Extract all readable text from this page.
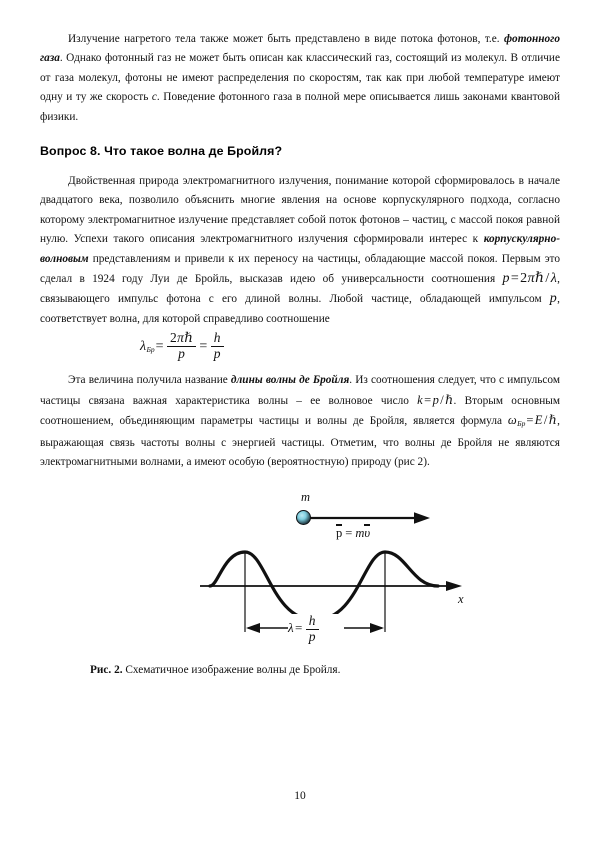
Излучение нагретого тела также может быть представлено в виде потока фотонов, т.е. фотонного газа. Однако фотонный газ не может быть описан как классический газ, состоящий из молекул. В отличие от газа молекул, фотоны не имеют распределения по скоростям, так как при любой температуре имеют одну и ту же скорость c. Поведение фотонного газа в полной мере описывается лишь законами квантовой физики.

Вопрос 8. Что такое волна де Бройля?

Двойственная природа электромагнитного излучения, понимание которой сформировалось в начале двадцатого века, позволило объяснить многие явления на основе корпускулярного подхода, согласно которому электромагнитное излучение представляет собой поток фотонов – частиц, с массой покоя равной нулю. Успехи такого описания электромагнитного излучения сформировали интерес к корпускулярно-волновым представлениям и привели к их переносу на частицы, обладающие массой покоя. Первым это сделал в 1924 году Луи де Бройль, высказав идею об универсальности соотношения p=2πℏ/λ, связывающего импульс фотона с его длиной волны. Любой частице, обладающей импульсом p, соответствует волна, для которой справедливо соотношение

$\lambda_{Бр}= \frac{\text{2πℏ}}{p} = \frac{h}{p}$

Эта величина получила название длины волны де Бройля. Из соотношения следует, что с импульсом частицы связана важная характеристика волны – ее волновое число k=p/ℏ. Вторым основным соотношением, объединяющим параметры частицы и волны де Бройля, является формула $\omega_{Бр}=E/\hbar$, выражающая связь частоты волны с энергией частицы. Отметим, что волны де Бройля не являются электромагнитными волнами, а имеют особую (вероятностную) природу (рис 2).

m
p = mυ
x
$\lambda= \frac{h}{p}$

Рис. 2. Схематичное изображение волны де Бройля.

10
